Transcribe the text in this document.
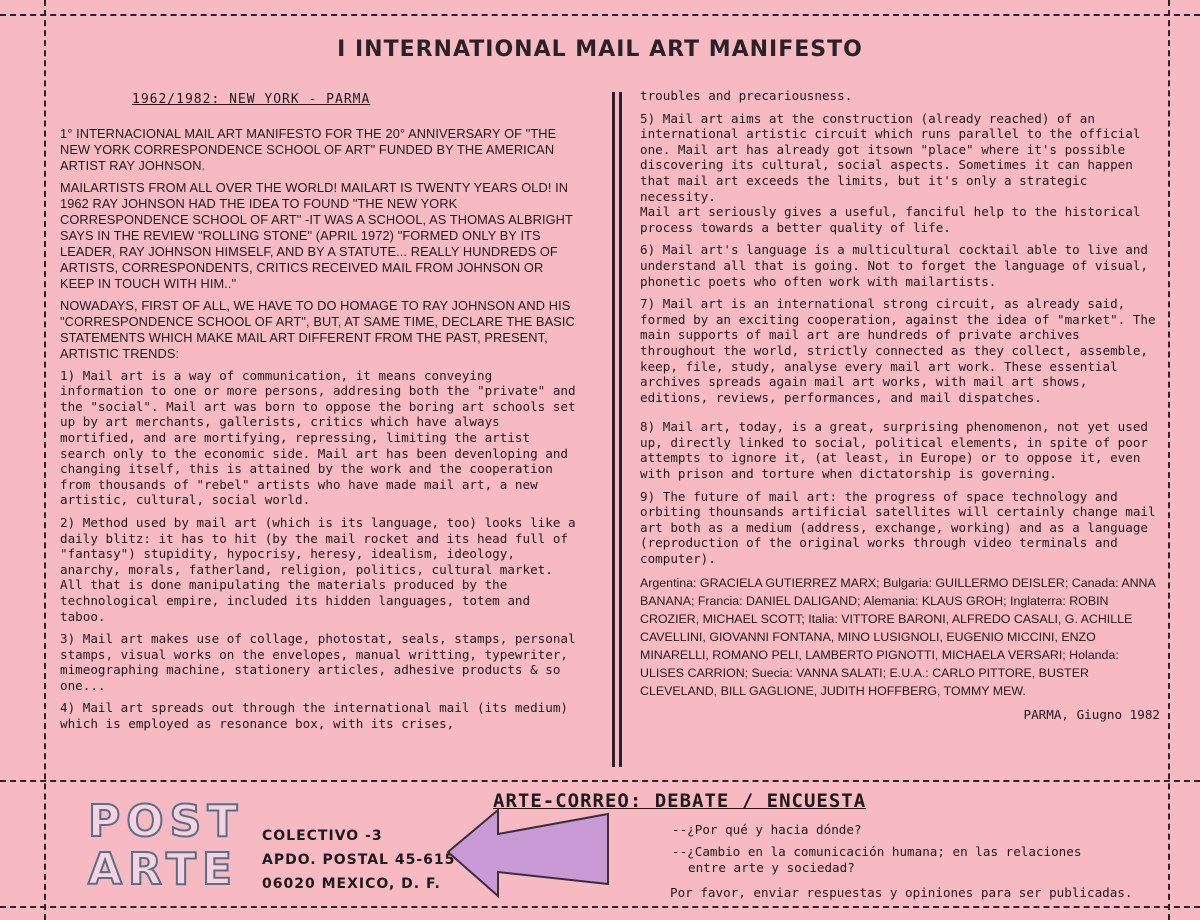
I INTERNATIONAL MAIL ART MANIFESTO

1962/1982: NEW YORK - PARMA

1° INTERNACIONAL MAIL ART MANIFESTO FOR THE 20° ANNIVERSARY OF "THE NEW YORK CORRESPONDENCE SCHOOL OF ART" FUNDED BY THE AMERICAN ARTIST RAY JOHNSON.

MAILARTISTS FROM ALL OVER THE WORLD! MAILART IS TWENTY YEARS OLD! IN 1962 RAY JOHNSON HAD THE IDEA TO FOUND "THE NEW YORK CORRESPONDENCE SCHOOL OF ART" -IT WAS A SCHOOL, AS THOMAS ALBRIGHT SAYS IN THE REVIEW "ROLLING STONE" (APRIL 1972) "FORMED ONLY BY ITS LEADER, RAY JOHNSON HIMSELF, AND BY A STATUTE... REALLY HUNDREDS OF ARTISTS, CORRESPONDENTS, CRITICS RECEIVED MAIL FROM JOHNSON OR KEEP IN TOUCH WITH HIM.."

NOWADAYS, FIRST OF ALL, WE HAVE TO DO HOMAGE TO RAY JOHNSON AND HIS "CORRESPONDENCE SCHOOL OF ART", BUT, AT SAME TIME, DECLARE THE BASIC STATEMENTS WHICH MAKE MAIL ART DIFFERENT FROM THE PAST, PRESENT, ARTISTIC TRENDS:

1) Mail art is a way of communication, it means conveying information to one or more persons, addresing both the "private" and the "social". Mail art was born to oppose the boring art schools set up by art merchants, gallerists, critics which have always mortified, and are mortifying, repressing, limiting the artist search only to the economic side. Mail art has been devenloping and changing itself, this is attained by the work and the cooperation from thousands of "rebel" artists who have made mail art, a new artistic, cultural, social world.

2) Method used by mail art (which is its language, too) looks like a daily blitz: it has to hit (by the mail rocket and its head full of "fantasy") stupidity, hypocrisy, heresy, idealism, ideology, anarchy, morals, fatherland, religion, politics, cultural market. All that is done manipulating the materials produced by the technological empire, included its hidden languages, totem and taboo.

3) Mail art makes use of collage, photostat, seals, stamps, personal stamps, visual works on the envelopes, manual writting, typewriter, mimeographing machine, stationery articles, adhesive products & so one...

4) Mail art spreads out through the international mail (its medium) which is employed as resonance box, with its crises,

troubles and precariousness.

5) Mail art aims at the construction (already reached) of an international artistic circuit which runs parallel to the official one. Mail art has already got itsown "place" where it's possible discovering its cultural, social aspects. Sometimes it can happen that mail art exceeds the limits, but it's only a strategic necessity.
Mail art seriously gives a useful, fanciful help to the historical process towards a better quality of life.

6) Mail art's language is a multicultural cocktail able to live and understand all that is going. Not to forget the language of visual, phonetic poets who often work with mailartists.

7) Mail art is an international strong circuit, as already said, formed by an exciting cooperation, against the idea of "market". The main supports of mail art are hundreds of private archives throughout the world, strictly connected as they collect, assemble, keep, file, study, analyse every mail art work. These essential archives spreads again mail art works, with mail art shows, editions, reviews, performances, and mail dispatches.

8) Mail art, today, is a great, surprising phenomenon, not yet used up, directly linked to social, political elements, in spite of poor attempts to ignore it, (at least, in Europe) or to oppose it, even with prison and torture when dictatorship is governing.

9) The future of mail art: the progress of space technology and orbiting thounsands artificial satellites will certainly change mail art both as a medium (address, exchange, working) and as a language (reproduction of the original works through video terminals and computer).

Argentina: GRACIELA GUTIERREZ MARX; Bulgaria: GUILLERMO DEISLER; Canada: ANNA BANANA; Francia: DANIEL DALIGAND; Alemania: KLAUS GROH; Inglaterra: ROBIN CROZIER, MICHAEL SCOTT; Italia: VITTORE BARONI, ALFREDO CASALI, G. ACHILLE CAVELLINI, GIOVANNI FONTANA, MINO LUSIGNOLI, EUGENIO MICCINI, ENZO MINARELLI, ROMANO PELI, LAMBERTO PIGNOTTI, MICHAELA VERSARI; Holanda: ULISES CARRION; Suecia: VANNA SALATI; E.U.A.: CARLO PITTORE, BUSTER CLEVELAND, BILL GAGLIONE, JUDITH HOFFBERG, TOMMY MEW.

PARMA, Giugno 1982

POST
ARTE
COLECTIVO -3
APDO. POSTAL 45-615
06020 MEXICO, D. F.
ARTE-CORREO: DEBATE / ENCUESTA
--¿Por qué y hacia dónde?
--¿Cambio en la comunicación humana; en las relaciones
entre arte y sociedad?
Por favor, enviar respuestas y opiniones para ser publicadas.
